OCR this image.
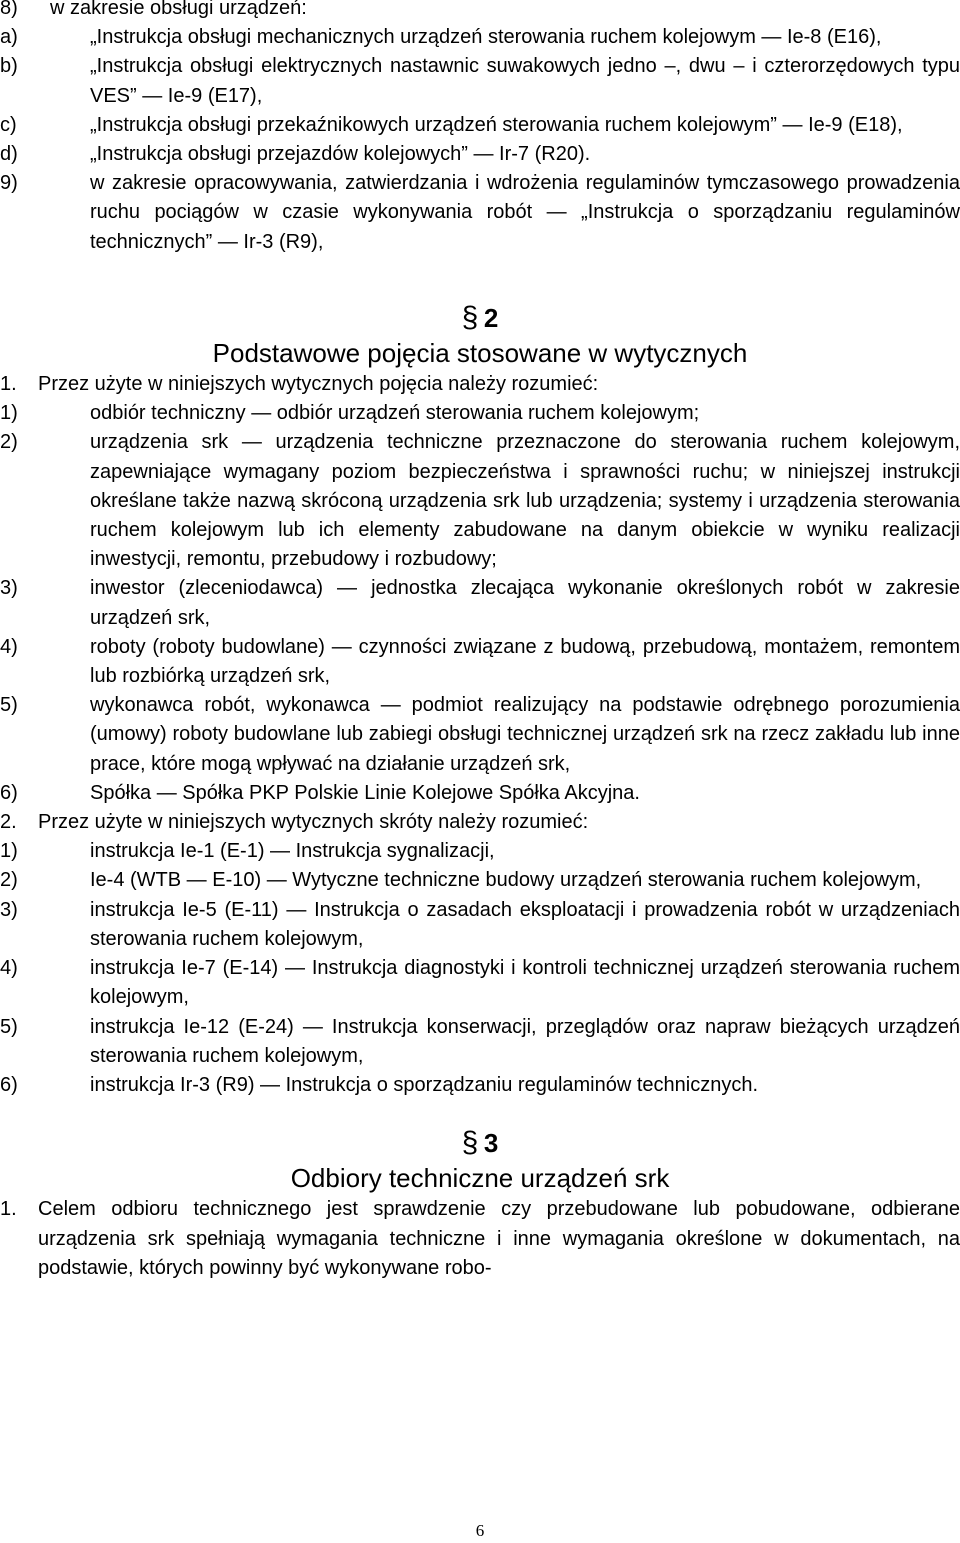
8)	w zakresie obsługi urządzeń:
a)	„Instrukcja obsługi mechanicznych urządzeń sterowania ruchem kolejowym — Ie-8 (E16),
b)	„Instrukcja obsługi elektrycznych nastawnic suwakowych jedno –, dwu – i czterorzędowych typu VES” — Ie-9 (E17),
c)	„Instrukcja obsługi przekaźnikowych urządzeń sterowania ruchem kolejowym” — Ie-9 (E18),
d)	„Instrukcja obsługi przejazdów kolejowych” — Ir-7 (R20).
9)	w zakresie opracowywania, zatwierdzania i wdrożenia regulaminów tymczasowego prowadzenia ruchu pociągów w czasie wykonywania robót — „Instrukcja o sporządzaniu regulaminów technicznych” — Ir-3 (R9),
§ 2
Podstawowe pojęcia stosowane w wytycznych
1.	Przez użyte w niniejszych wytycznych pojęcia należy rozumieć:
1)	odbiór techniczny — odbiór urządzeń sterowania ruchem kolejowym;
2)	urządzenia srk — urządzenia techniczne przeznaczone do sterowania ruchem kolejowym, zapewniające wymagany poziom bezpieczeństwa i sprawności ruchu; w niniejszej instrukcji określane także nazwą skróconą urządzenia srk lub urządzenia; systemy i urządzenia sterowania ruchem kolejowym lub ich elementy zabudowane na danym obiekcie w wyniku realizacji inwestycji, remontu, przebudowy i rozbudowy;
3)	inwestor (zleceniodawca) — jednostka zlecająca wykonanie określonych robót w zakresie urządzeń srk,
4)	roboty (roboty budowlane) — czynności związane z budową, przebudową, montażem, remontem lub rozbiórką urządzeń srk,
5)	wykonawca robót, wykonawca — podmiot realizujący na podstawie odrębnego porozumienia (umowy) roboty budowlane lub zabiegi obsługi technicznej urządzeń srk na rzecz zakładu lub inne prace, które mogą wpływać na działanie urządzeń srk,
6)	Spółka — Spółka PKP Polskie Linie Kolejowe Spółka Akcyjna.
2.	Przez użyte w niniejszych wytycznych skróty należy rozumieć:
1)	instrukcja Ie-1 (E-1) — Instrukcja sygnalizacji,
2)	Ie-4 (WTB — E-10) — Wytyczne techniczne budowy urządzeń sterowania ruchem kolejowym,
3)	instrukcja Ie-5 (E-11) — Instrukcja o zasadach eksploatacji i prowadzenia robót w urządzeniach sterowania ruchem kolejowym,
4)	instrukcja Ie-7 (E-14) — Instrukcja diagnostyki i kontroli technicznej urządzeń sterowania ruchem kolejowym,
5)	instrukcja Ie-12 (E-24) — Instrukcja konserwacji, przeglądów oraz napraw bieżących urządzeń sterowania ruchem kolejowym,
6)	instrukcja Ir-3 (R9) — Instrukcja o sporządzaniu regulaminów technicznych.
§ 3
Odbiory techniczne urządzeń srk
1.	Celem odbioru technicznego jest sprawdzenie czy przebudowane lub pobudowane, odbierane urządzenia srk spełniają wymagania techniczne i inne wymagania określone w dokumentach, na podstawie, których powinny być wykonywane robo-
6
